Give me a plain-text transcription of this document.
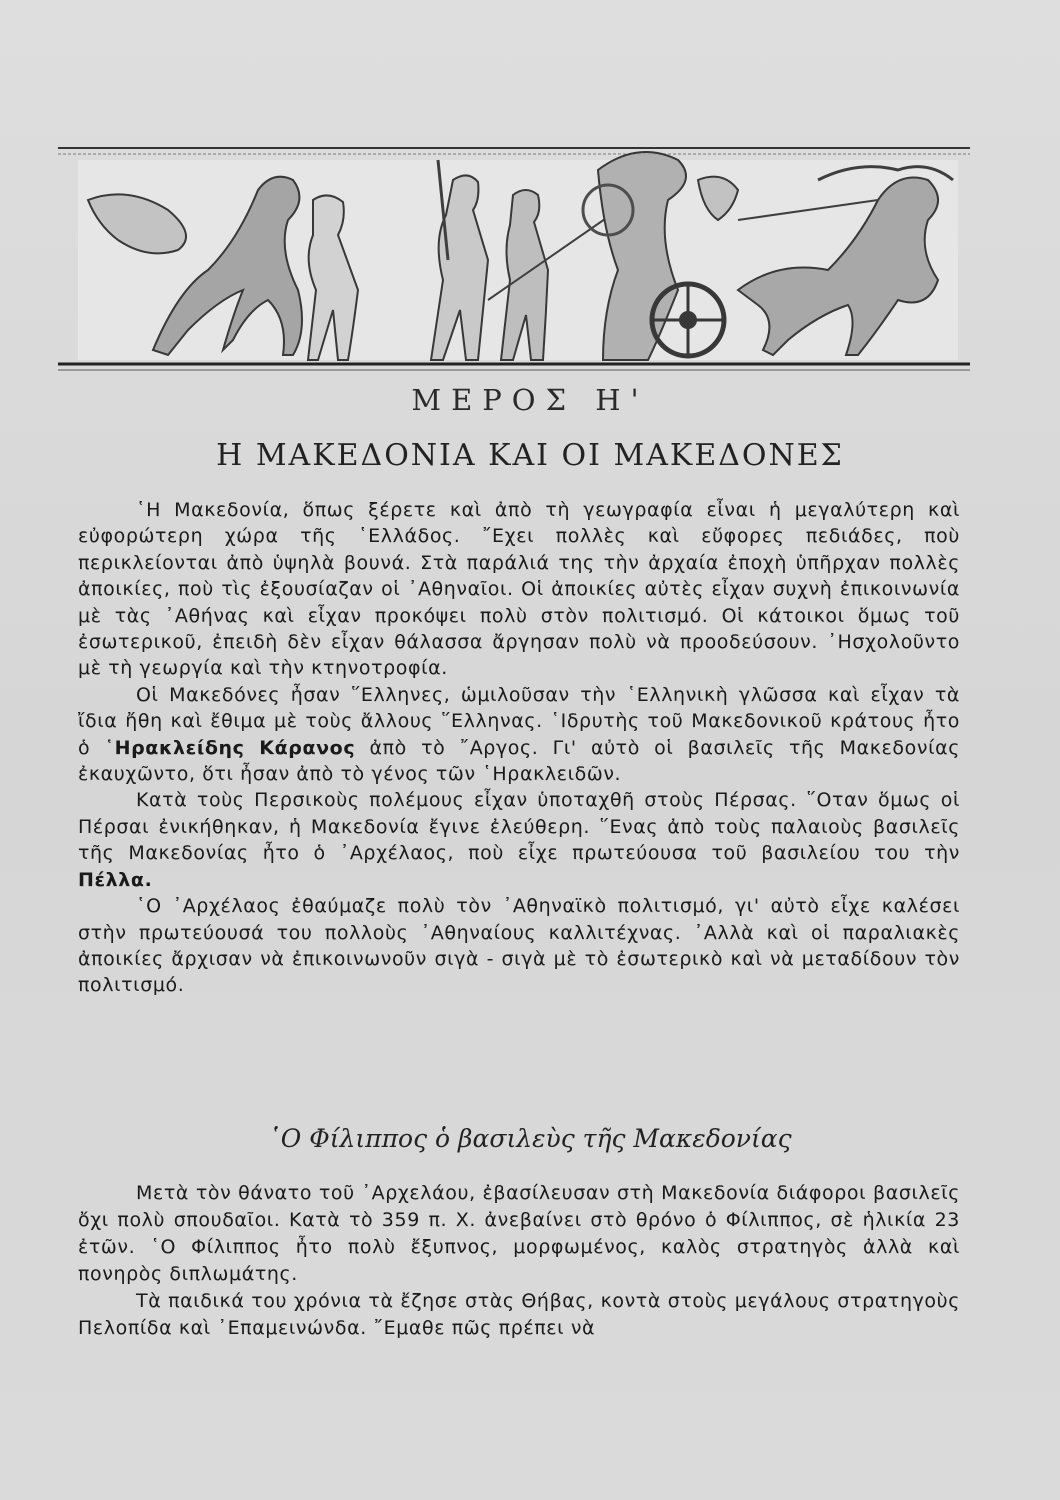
ΜΕΡΟΣ Η'
Η ΜΑΚΕΔΟΝΙΑ ΚΑΙ ΟΙ ΜΑΚΕΔΟΝΕΣ

῾Η Μακεδονία, ὅπως ξέρετε καὶ ἀπὸ τὴ γεωγραφία εἶναι ἡ μεγαλύτερη καὶ εὐφορώτερη χώρα τῆς ῾Ελλάδος. ῎Εχει πολλὲς καὶ εὔφορες πεδιάδες, ποὺ περικλείονται ἀπὸ ὑψηλὰ βουνά. Στὰ παράλιά της τὴν ἀρχαία ἐποχὴ ὑπῆρχαν πολλὲς ἀποικίες, ποὺ τὶς ἐξουσίαζαν οἱ ᾿Αθηναῖοι. Οἱ ἀποικίες αὐτὲς εἶχαν συχνὴ ἐπικοινωνία μὲ τὰς ᾿Αθήνας καὶ εἶχαν προκόψει πολὺ στὸν πολιτισμό. Οἱ κάτοικοι ὅμως τοῦ ἐσωτερικοῦ, ἐπειδὴ δὲν εἶχαν θάλασσα ἄργησαν πολὺ νὰ προοδεύσουν. ᾿Ησχολοῦντο μὲ τὴ γεωργία καὶ τὴν κτηνοτροφία.

Οἱ Μακεδόνες ἦσαν ῞Ελληνες, ὡμιλοῦσαν τὴν ῾Ελληνικὴ γλῶσσα καὶ εἶχαν τὰ ἴδια ἤθη καὶ ἔθιμα μὲ τοὺς ἄλλους ῞Ελληνας. ῾Ιδρυτὴς τοῦ Μακεδονικοῦ κράτους ἦτο ὁ ῾Ηρακλείδης Κάρανος ἀπὸ τὸ ῎Αργος. Γι' αὐτὸ οἱ βασιλεῖς τῆς Μακεδονίας ἐκαυχῶντο, ὅτι ἦσαν ἀπὸ τὸ γένος τῶν ῾Ηρακλειδῶν.

Κατὰ τοὺς Περσικοὺς πολέμους εἶχαν ὑποταχθῆ στοὺς Πέρσας. ῞Οταν ὅμως οἱ Πέρσαι ἐνικήθηκαν, ἡ Μακεδονία ἔγινε ἐλεύθερη. ῞Ενας ἀπὸ τοὺς παλαιοὺς βασιλεῖς τῆς Μακεδονίας ἦτο ὁ ᾿Αρχέλαος, ποὺ εἶχε πρωτεύουσα τοῦ βασιλείου του τὴν Πέλλα.

῾Ο ᾿Αρχέλαος ἐθαύμαζε πολὺ τὸν ᾿Αθηναϊκὸ πολιτισμό, γι' αὐτὸ εἶχε καλέσει στὴν πρωτεύουσά του πολλοὺς ᾿Αθηναίους καλλιτέχνας. ᾿Αλλὰ καὶ οἱ παραλιακὲς ἀποικίες ἄρχισαν νὰ ἐπικοινωνοῦν σιγὰ - σιγὰ μὲ τὸ ἐσωτερικὸ καὶ νὰ μεταδίδουν τὸν πολιτισμό.

῾Ο Φίλιππος ὁ βασιλεὺς τῆς Μακεδονίας

Μετὰ τὸν θάνατο τοῦ ᾿Αρχελάου, ἐβασίλευσαν στὴ Μακεδονία διάφοροι βασιλεῖς ὄχι πολὺ σπουδαῖοι. Κατὰ τὸ 359 π. Χ. ἀνεβαίνει στὸ θρόνο ὁ Φίλιππος, σὲ ἡλικία 23 ἐτῶν. ῾Ο Φίλιππος ἦτο πολὺ ἔξυπνος, μορφωμένος, καλὸς στρατηγὸς ἀλλὰ καὶ πονηρὸς διπλωμάτης.

Τὰ παιδικά του χρόνια τὰ ἔζησε στὰς Θήβας, κοντὰ στοὺς μεγάλους στρατηγοὺς Πελοπίδα καὶ ᾿Επαμεινώνδα. ῎Εμαθε πῶς πρέπει νὰ
